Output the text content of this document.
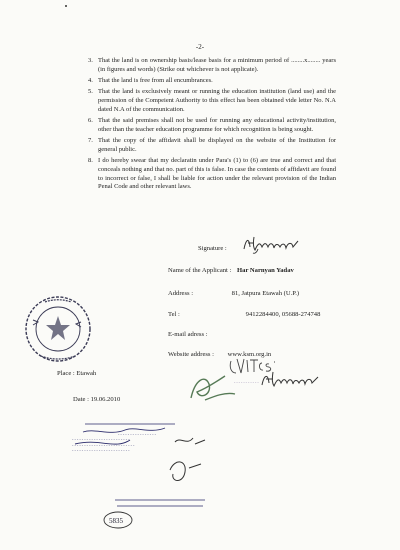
-2-
3. That the land is on ownership basis/lease basis for a minimum period of ........x........ years (in figures and words) (Strike out whichever is not applicate).
4. That the land is free from all encumbrances.
5. That the land is exclusively meant or running the education institution (land use) and the permission of the Compeient Authority to this effect has been obtained vide letter No. N.A dated N.A of the communication.
6. That the said premises shall not be used for running any educational activity/institution, other than the teacher education programme for which recognition is being sought.
7. That the copy of the affidavit shall be displayed on the website of the Institution for general public.
8. I do hereby swear that my declaratin under Para's (1) to (6) are true and correct and that conceals nothing and that no. part of this is false. In case the contents of affidavit are found to incorrect or false, I shall be liable for action under the relevant provision of the Indian Penal Code and other relevant laws.
Signature :
Name of the Applicant : Har Narnyan Yadav
Address :	81, Jatpura Etawah (U.P.)
Tel :	9412284400, 05688-274748
E-mail adress :
Website address : www.ksm.org.in
Place : Etawah
Date : 19.06.2010
- - - - - - - - - - -
- - - - - - - - - - - - - - - -
- - - - - - - - - - - - - - - - - - - - - - - -
- - - - - - - - - - - - - - - - - - - - - - - - - -
- - - - - - - - - - - - - - - - - - - - - - - -
5835
